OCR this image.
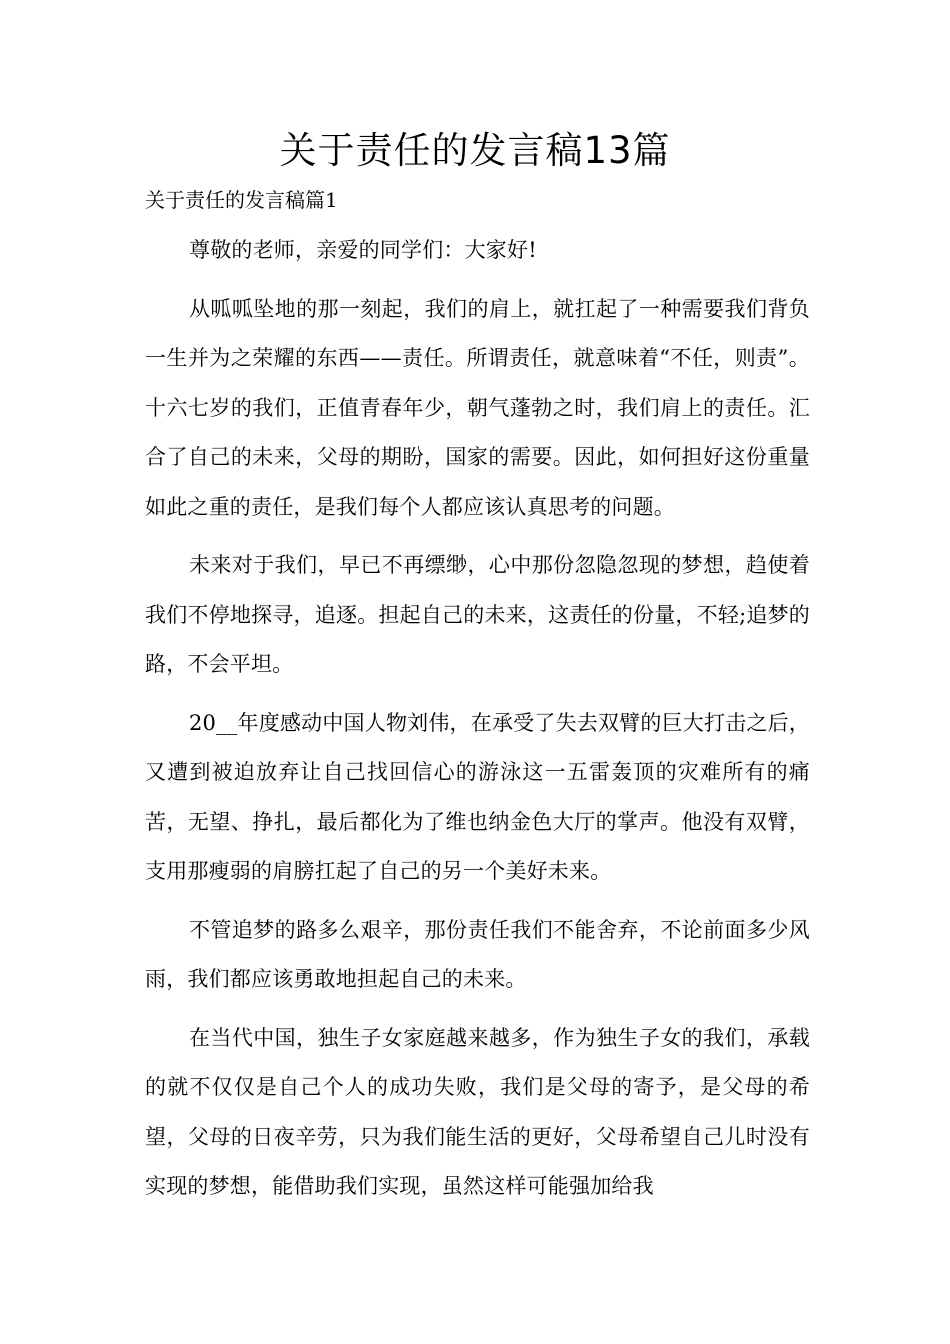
关于责任的发言稿13篇
关于责任的发言稿篇1

尊敬的老师，亲爱的同学们：大家好!

从呱呱坠地的那一刻起，我们的肩上，就扛起了一种需要我们背负一生并为之荣耀的东西——责任。所谓责任，就意味着“不任，则责”。十六七岁的我们，正值青春年少，朝气蓬勃之时，我们肩上的责任。汇合了自己的未来，父母的期盼，国家的需要。因此，如何担好这份重量如此之重的责任，是我们每个人都应该认真思考的问题。

未来对于我们，早已不再缥缈，心中那份忽隐忽现的梦想，趋使着我们不停地探寻，追逐。担起自己的未来，这责任的份量，不轻;追梦的路，不会平坦。

20__年度感动中国人物刘伟，在承受了失去双臂的巨大打击之后，又遭到被迫放弃让自己找回信心的游泳这一五雷轰顶的灾难所有的痛苦，无望、挣扎，最后都化为了维也纳金色大厅的掌声。他没有双臂，支用那瘦弱的肩膀扛起了自己的另一个美好未来。

不管追梦的路多么艰辛，那份责任我们不能舍弃，不论前面多少风雨，我们都应该勇敢地担起自己的未来。

在当代中国，独生子女家庭越来越多，作为独生子女的我们，承载的就不仅仅是自己个人的成功失败，我们是父母的寄予，是父母的希望，父母的日夜辛劳，只为我们能生活的更好，父母希望自己儿时没有实现的梦想，能借助我们实现，虽然这样可能强加给我
